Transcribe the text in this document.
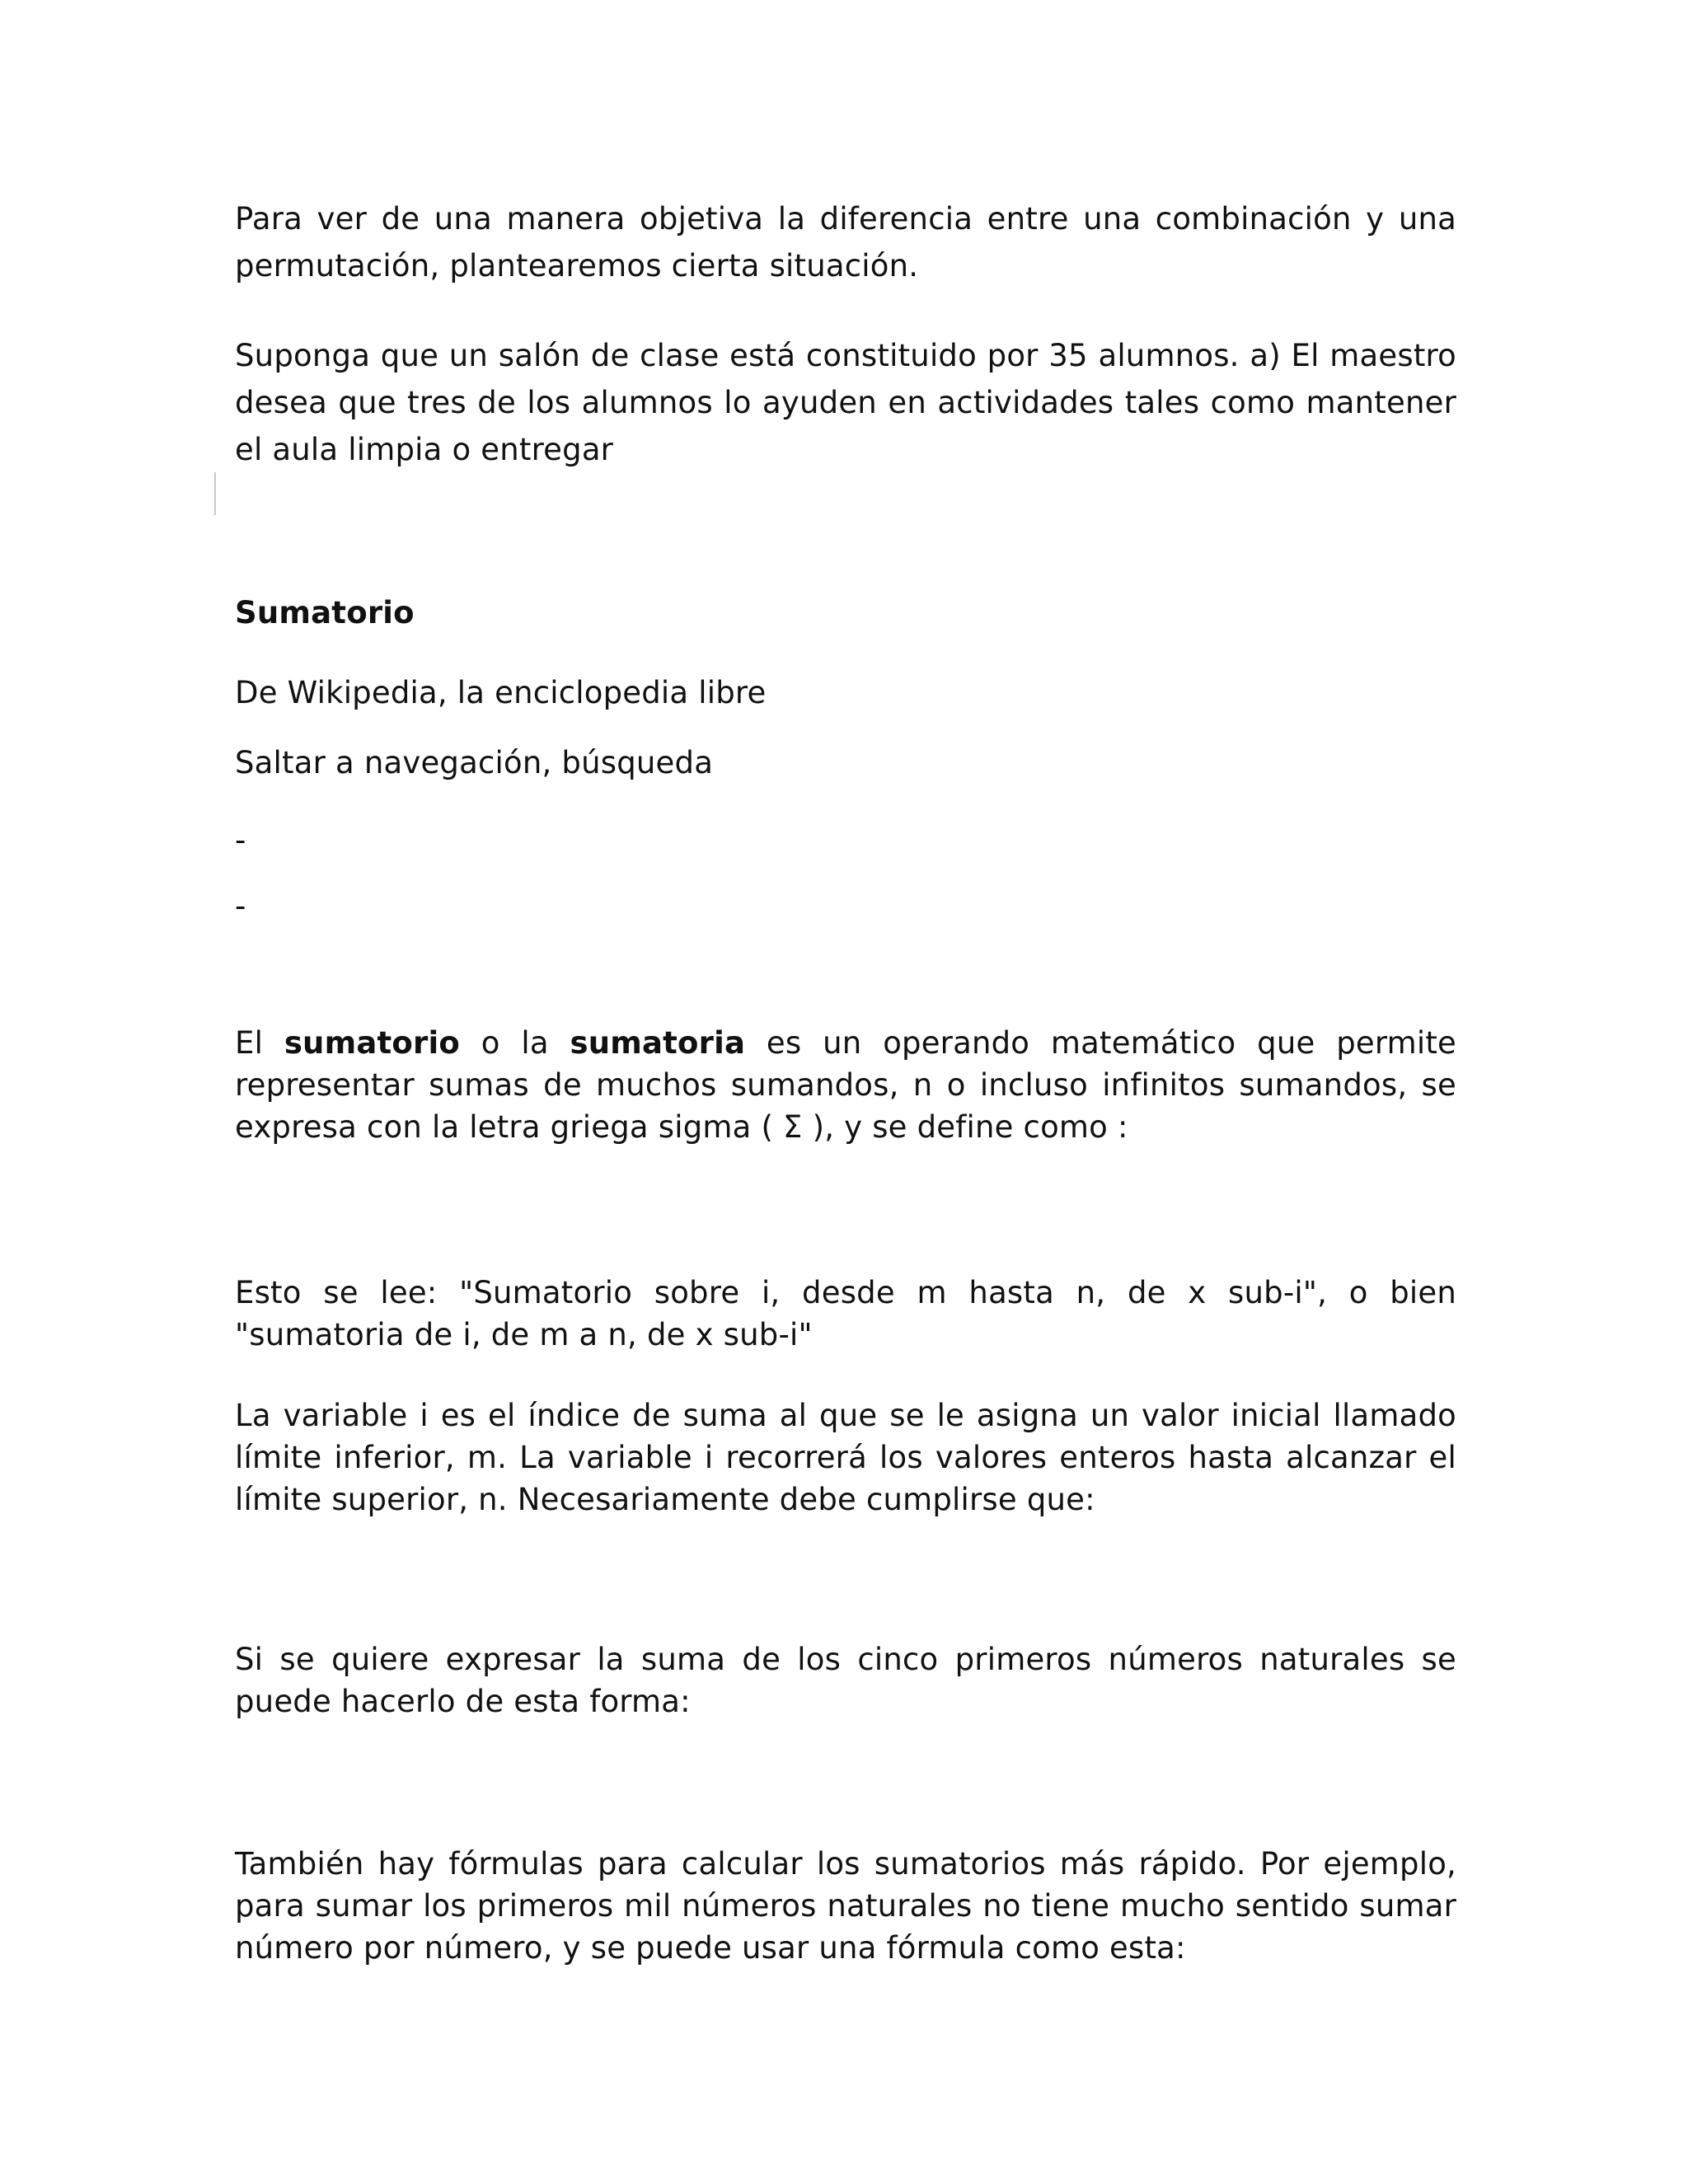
Para ver de una manera objetiva la diferencia entre una combinación y una permutación, plantearemos cierta situación.

Suponga que un salón de clase está constituido por 35 alumnos. a) El maestro desea que tres de los alumnos lo ayuden en actividades tales como mantener el aula limpia o entregar

Sumatorio

De Wikipedia, la enciclopedia libre

Saltar a navegación, búsqueda

-
-

El sumatorio o la sumatoria es un operando matemático que permite representar sumas de muchos sumandos, n o incluso infinitos sumandos, se expresa con la letra griega sigma ( Σ ), y se define como :

Esto se lee: "Sumatorio sobre i, desde m hasta n, de x sub-i", o bien "sumatoria de i, de m a n, de x sub-i"

La variable i es el índice de suma al que se le asigna un valor inicial llamado límite inferior, m. La variable i recorrerá los valores enteros hasta alcanzar el límite superior, n. Necesariamente debe cumplirse que:

Si se quiere expresar la suma de los cinco primeros números naturales se puede hacerlo de esta forma:

También hay fórmulas para calcular los sumatorios más rápido. Por ejemplo, para sumar los primeros mil números naturales no tiene mucho sentido sumar número por número, y se puede usar una fórmula como esta:
